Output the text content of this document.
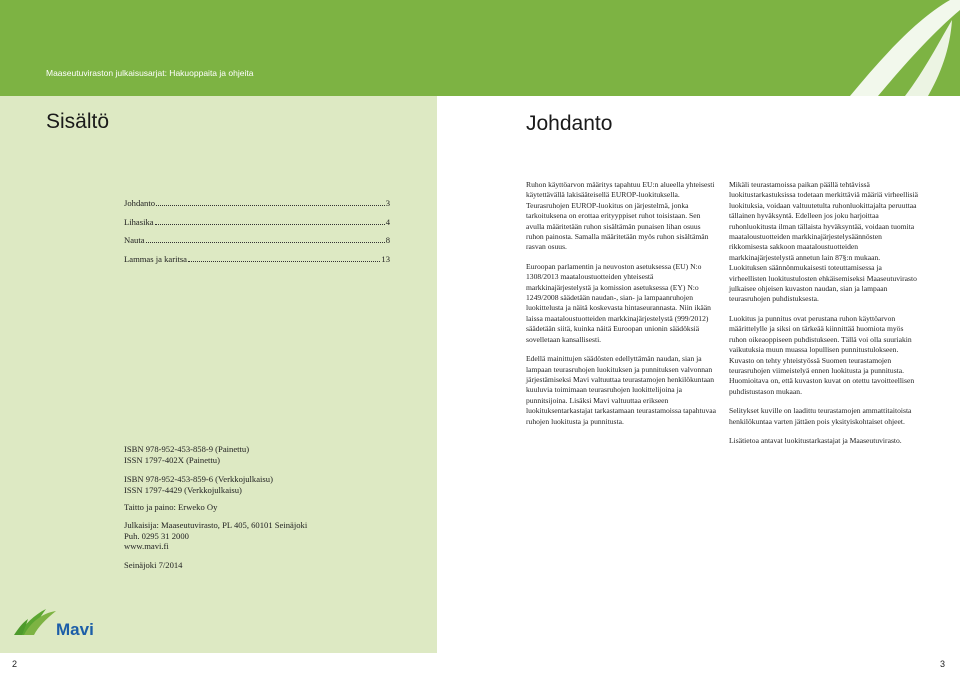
Maaseutuviraston julkaisusarjat: Hakuoppaita ja ohjeita
Sisältö
Johdanto	3
Lihasika	4
Nauta	8
Lammas ja karitsa	13
ISBN 978-952-453-858-9 (Painettu)
ISSN 1797-402X (Painettu)
ISBN 978-952-453-859-6 (Verkkojulkaisu)
ISSN 1797-4429 (Verkkojulkaisu)
Taitto ja paino: Erweko Oy
Julkaisija: Maaseutuvirasto, PL 405, 60101 Seinäjoki
Puh. 0295 31 2000
www.mavi.fi
Seinäjoki 7/2014
Mavi
2
Johdanto

Ruhon käyttöarvon määritys tapahtuu EU:n alueella yhteisesti käytettävällä lakisääteisellä EUROP-luokituksella. Teurasruhojen EUROP-luokitus on järjestelmä, jonka tarkoituksena on erottaa erityyppiset ruhot toisistaan. Sen avulla määritetään ruhon sisältämän punaisen lihan osuus ruhon painosta. Samalla määritetään myös ruhon sisältämän rasvan osuus.

Euroopan parlamentin ja neuvoston asetuksessa (EU) N:o 1308/2013 maataloustuotteiden yhteisestä markkinajärjestelystä ja komission asetuksessa (EY) N:o 1249/2008 säädetään naudan-, sian- ja lampaanruhojen luokittelusta ja näitä koskevasta hintaseurannasta. Niin ikään laissa maataloustuotteiden markkinajärjestelystä (999/2012) säädetään siitä, kuinka näitä Euroopan unionin säädöksiä sovelletaan kansallisesti.

Edellä mainittujen säädösten edellyttämän naudan, sian ja lampaan teurasruhojen luokituksen ja punnituksen valvonnan järjestämiseksi Mavi valtuuttaa teurastamojen henkilökuntaan kuuluvia toimimaan teurasruhojen luokittelijoina ja punnitsijoina. Lisäksi Mavi valtuuttaa erikseen luokituksentarkastajat tarkastamaan teurastamoissa tapahtuvaa ruhojen luokitusta ja punnitusta.

Mikäli teurastamoissa paikan päällä tehtävissä luokitustarkastuksissa todetaan merkittäviä määriä virheellisiä luokituksia, voidaan valtuutetulta ruhonluokittajalta peruuttaa tällainen hyväksyntä. Edelleen jos joku harjoittaa ruhonluokitusta ilman tällaista hyväksyntää, voidaan tuomita maataloustuotteiden markkinajärjestelysäännösten rikkomisesta sakkoon maataloustuotteiden markkinajärjestelystä annetun lain 87§:n mukaan. Luokituksen säännönmukaisesti toteuttamisessa ja virheellisten luokitustulosten ehkäisemiseksi Maaseutuvirasto julkaisee ohjeisen kuvaston naudan, sian ja lampaan teurasruhojen puhdistuksesta.

Luokitus ja punnitus ovat perustana ruhon käyttöarvon määrittelylle ja siksi on tärkeää kiinnittää huomiota myös ruhon oikeaoppiseen puhdistukseen. Tällä voi olla suuriakin vaikutuksia muun muassa lopullisen punnitustulokseen. Kuvasto on tehty yhteistyössä Suomen teurastamojen teurasruhojen viimeistelyä ennen luokitusta ja punnitusta. Huomioitava on, että kuvaston kuvat on otettu tavoitteellisen puhdistustason mukaan.

Selitykset kuville on laadittu teurastamojen ammattitaitoista henkilökuntaa varten jättäen pois yksityiskohtaiset ohjeet.

Lisätietoa antavat luokitustarkastajat ja Maaseutuvirasto.

3
